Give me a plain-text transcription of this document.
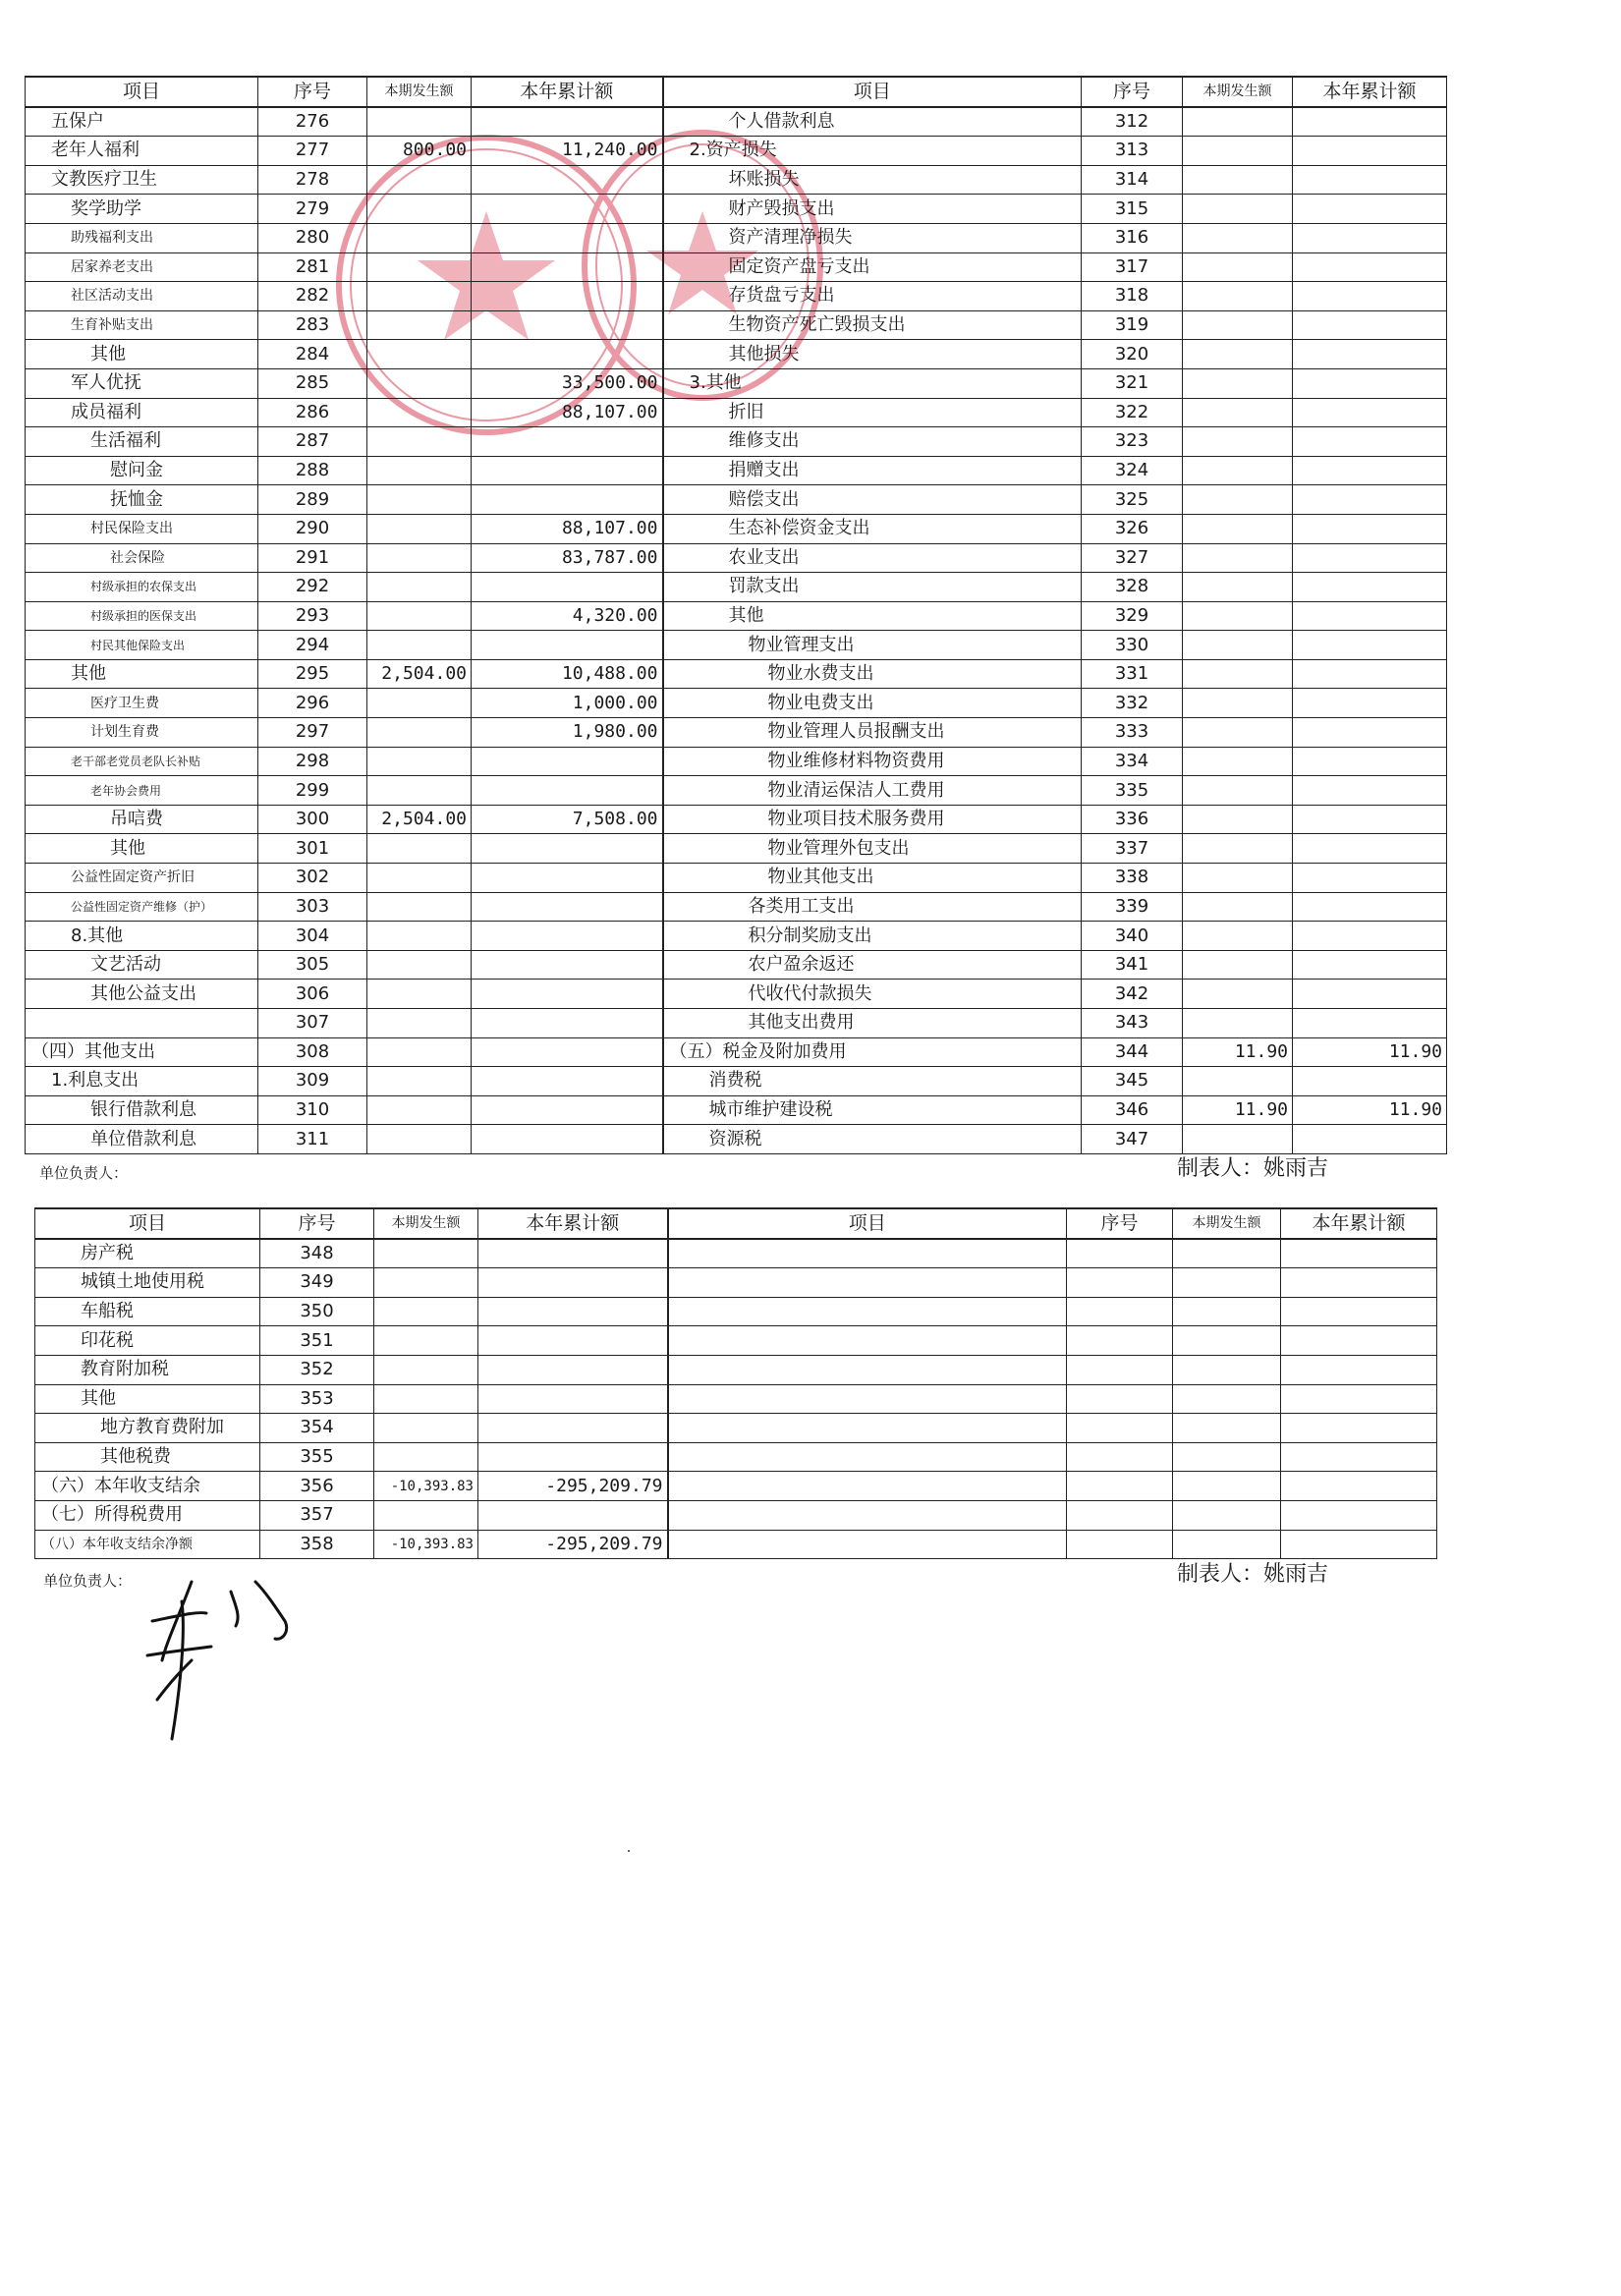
项目	序号	本期发生额	本年累计额	项目	序号	本期发生额	本年累计额
五保户	276			个人借款利息	312		
老年人福利	277	800.00	11,240.00	2.资产损失	313		
文教医疗卫生	278			坏账损失	314		
奖学助学	279			财产毁损支出	315		
助残福利支出	280			资产清理净损失	316		
居家养老支出	281			固定资产盘亏支出	317		
社区活动支出	282			存货盘亏支出	318		
生育补贴支出	283			生物资产死亡毁损支出	319		
其他	284			其他损失	320		
军人优抚	285		33,500.00	3.其他	321		
成员福利	286		88,107.00	折旧	322		
生活福利	287			维修支出	323		
慰问金	288			捐赠支出	324		
抚恤金	289			赔偿支出	325		
村民保险支出	290		88,107.00	生态补偿资金支出	326		
社会保险	291		83,787.00	农业支出	327		
村级承担的农保支出	292			罚款支出	328		
村级承担的医保支出	293		4,320.00	其他	329		
村民其他保险支出	294			物业管理支出	330		
其他	295	2,504.00	10,488.00	物业水费支出	331		
医疗卫生费	296		1,000.00	物业电费支出	332		
计划生育费	297		1,980.00	物业管理人员报酬支出	333		
老干部老党员老队长补贴	298			物业维修材料物资费用	334		
老年协会费用	299			物业清运保洁人工费用	335		
吊唁费	300	2,504.00	7,508.00	物业项目技术服务费用	336		
其他	301			物业管理外包支出	337		
公益性固定资产折旧	302			物业其他支出	338		
公益性固定资产维修（护）	303			各类用工支出	339		
8.其他	304			积分制奖励支出	340		
文艺活动	305			农户盈余返还	341		
其他公益支出	306			代收代付款损失	342		
	307			其他支出费用	343		
（四）其他支出	308			（五）税金及附加费用	344	11.90	11.90
1.利息支出	309			消费税	345		
银行借款利息	310			城市维护建设税	346	11.90	11.90
单位借款利息	311			资源税	347		
单位负责人：	制表人：姚雨吉
项目	序号	本期发生额	本年累计额	项目	序号	本期发生额	本年累计额
房产税	348						
城镇土地使用税	349						
车船税	350						
印花税	351						
教育附加税	352						
其他	353						
地方教育费附加	354						
其他税费	355						
（六）本年收支结余	356	-10,393.83	-295,209.79				
（七）所得税费用	357						
（八）本年收支结余净额	358	-10,393.83	-295,209.79				
单位负责人：	制表人：姚雨吉
